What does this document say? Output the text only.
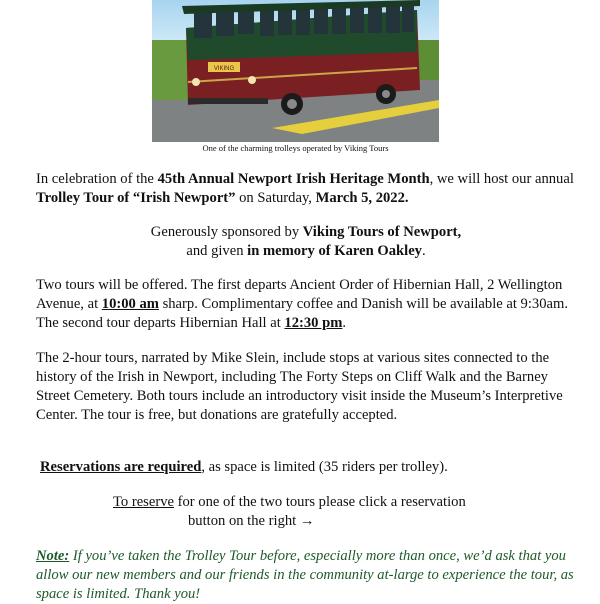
VIKING
One of the charming trolleys operated by Viking Tours

In celebration of the 45th Annual Newport Irish Heritage Month, we will host our annual Trolley Tour of “Irish Newport” on Saturday, March 5, 2022.

Generously sponsored by Viking Tours of Newport,
and given in memory of Karen Oakley.

Two tours will be offered. The first departs Ancient Order of Hibernian Hall, 2 Wellington Avenue, at 10:00 am sharp. Complimentary coffee and Danish will be available at 9:30am. The second tour departs Hibernian Hall at 12:30 pm.

The 2-hour tours, narrated by Mike Slein, include stops at various sites connected to the history of the Irish in Newport, including The Forty Steps on Cliff Walk and the Barney Street Cemetery. Both tours include an introductory visit inside the Museum’s Interpretive Center. The tour is free, but donations are gratefully accepted.

Reservations are required, as space is limited (35 riders per trolley).

To reserve for one of the two tours please click a reservation
button on the right →

Note: If you’ve taken the Trolley Tour before, especially more than once, we’d ask that you allow our new members and our friends in the community at-large to experience the tour, as space is limited. Thank you!
